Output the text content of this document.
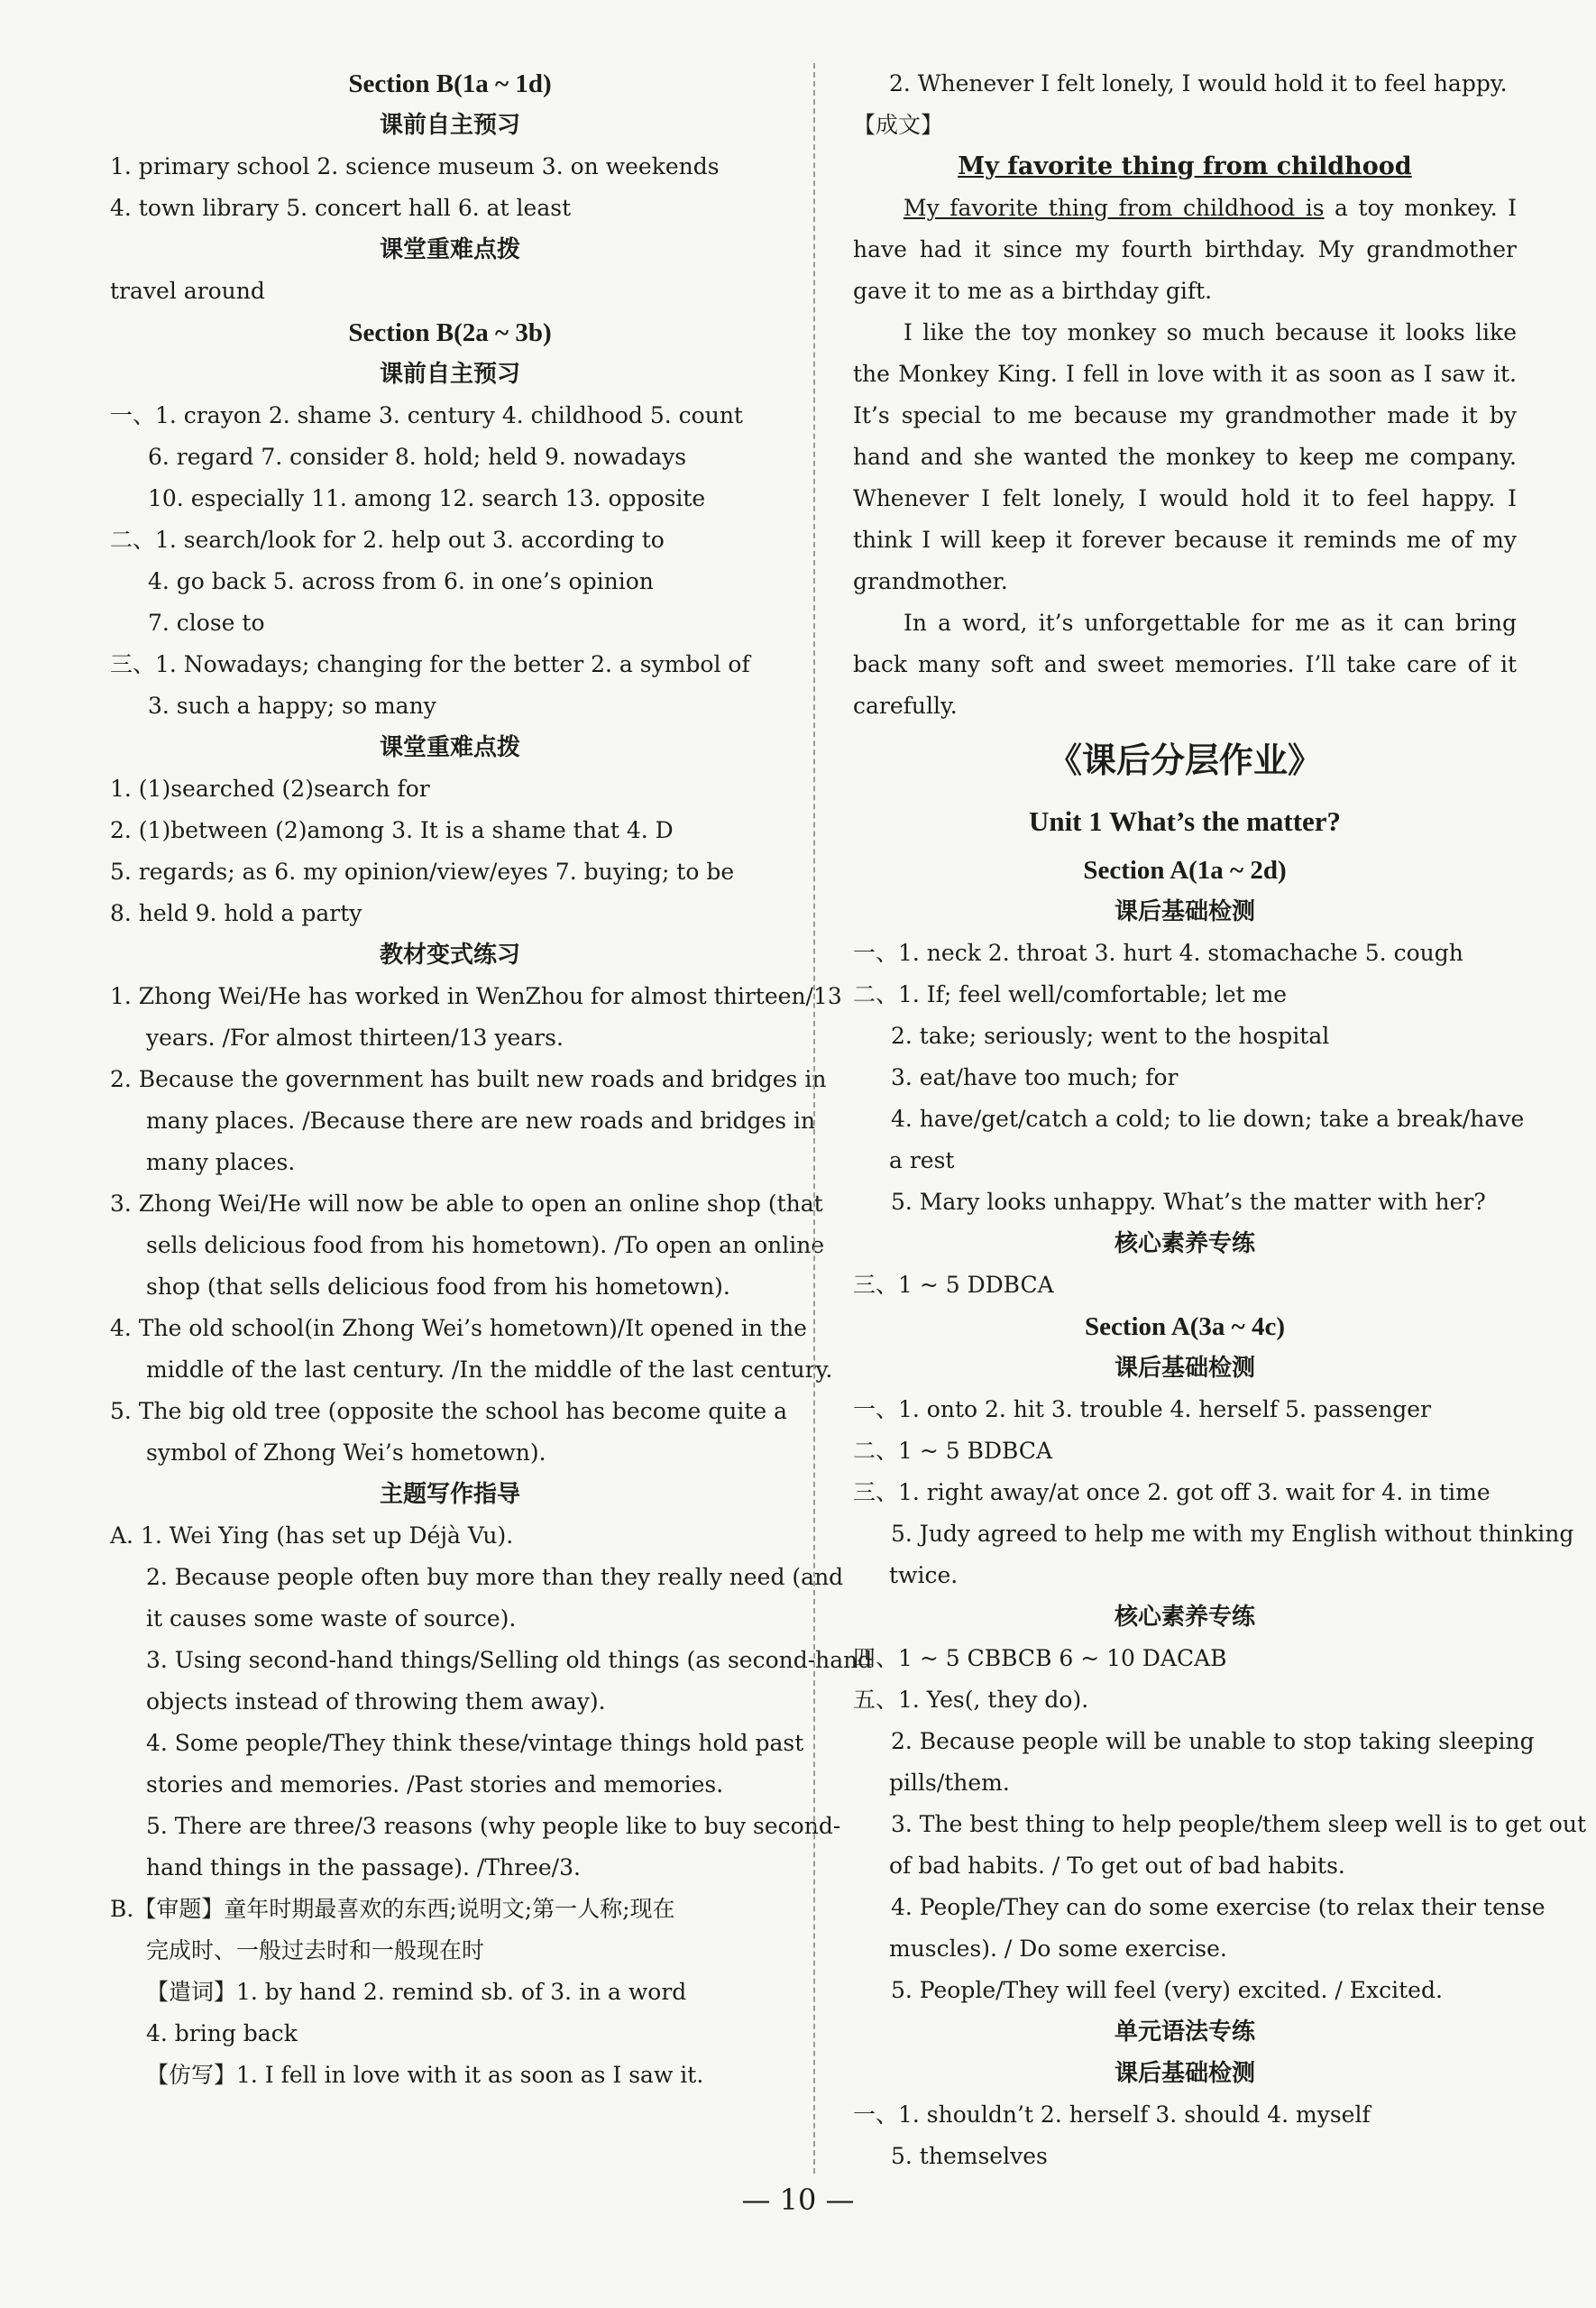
Section B(1a ~ 1d)
课前自主预习
1. primary school 2. science museum 3. on weekends
4. town library 5. concert hall 6. at least
课堂重难点拨
travel around
Section B(2a ~ 3b)
课前自主预习
一、1. crayon 2. shame 3. century 4. childhood 5. count
6. regard 7. consider 8. hold; held 9. nowadays
10. especially 11. among 12. search 13. opposite
二、1. search/look for 2. help out 3. according to
4. go back 5. across from 6. in one’s opinion
7. close to
三、1. Nowadays; changing for the better 2. a symbol of
3. such a happy; so many
课堂重难点拨
1. (1)searched (2)search for
2. (1)between (2)among 3. It is a shame that 4. D
5. regards; as 6. my opinion/view/eyes 7. buying; to be
8. held 9. hold a party
教材变式练习
1. Zhong Wei/He has worked in WenZhou for almost thirteen/13
years. /For almost thirteen/13 years.
2. Because the government has built new roads and bridges in
many places. /Because there are new roads and bridges in
many places.
3. Zhong Wei/He will now be able to open an online shop (that
sells delicious food from his hometown). /To open an online
shop (that sells delicious food from his hometown).
4. The old school(in Zhong Wei’s hometown)/It opened in the
middle of the last century. /In the middle of the last century.
5. The big old tree (opposite the school has become quite a
symbol of Zhong Wei’s hometown).
主题写作指导
A. 1. Wei Ying (has set up Déjà Vu).
2. Because people often buy more than they really need (and
it causes some waste of source).
3. Using second-hand things/Selling old things (as second-hand
objects instead of throwing them away).
4. Some people/They think these/vintage things hold past
stories and memories. /Past stories and memories.
5. There are three/3 reasons (why people like to buy second-
hand things in the passage). /Three/3.
B.【审题】童年时期最喜欢的东西;说明文;第一人称;现在
完成时、一般过去时和一般现在时
【遣词】1. by hand 2. remind sb. of 3. in a word
4. bring back
【仿写】1. I fell in love with it as soon as I saw it.
2. Whenever I felt lonely, I would hold it to feel happy.
【成文】
My favorite thing from childhood
My favorite thing from childhood is a toy monkey. I have had it since my fourth birthday. My grandmother gave it to me as a birthday gift.
I like the toy monkey so much because it looks like the Monkey King. I fell in love with it as soon as I saw it. It’s special to me because my grandmother made it by hand and she wanted the monkey to keep me company. Whenever I felt lonely, I would hold it to feel happy. I think I will keep it forever because it reminds me of my grandmother.
In a word, it’s unforgettable for me as it can bring back many soft and sweet memories. I’ll take care of it carefully.
《课后分层作业》
Unit 1 What’s the matter?
Section A(1a ~ 2d)
课后基础检测
一、1. neck 2. throat 3. hurt 4. stomachache 5. cough
二、1. If; feel well/comfortable; let me
2. take; seriously; went to the hospital
3. eat/have too much; for
4. have/get/catch a cold; to lie down; take a break/have
a rest
5. Mary looks unhappy. What’s the matter with her?
核心素养专练
三、1 ~ 5 DDBCA
Section A(3a ~ 4c)
课后基础检测
一、1. onto 2. hit 3. trouble 4. herself 5. passenger
二、1 ~ 5 BDBCA
三、1. right away/at once 2. got off 3. wait for 4. in time
5. Judy agreed to help me with my English without thinking
twice.
核心素养专练
四、1 ~ 5 CBBCB 6 ~ 10 DACAB
五、1. Yes(, they do).
2. Because people will be unable to stop taking sleeping
pills/them.
3. The best thing to help people/them sleep well is to get out
of bad habits. / To get out of bad habits.
4. People/They can do some exercise (to relax their tense
muscles). / Do some exercise.
5. People/They will feel (very) excited. / Excited.
单元语法专练
课后基础检测
一、1. shouldn’t 2. herself 3. should 4. myself
5. themselves
— 10 —
